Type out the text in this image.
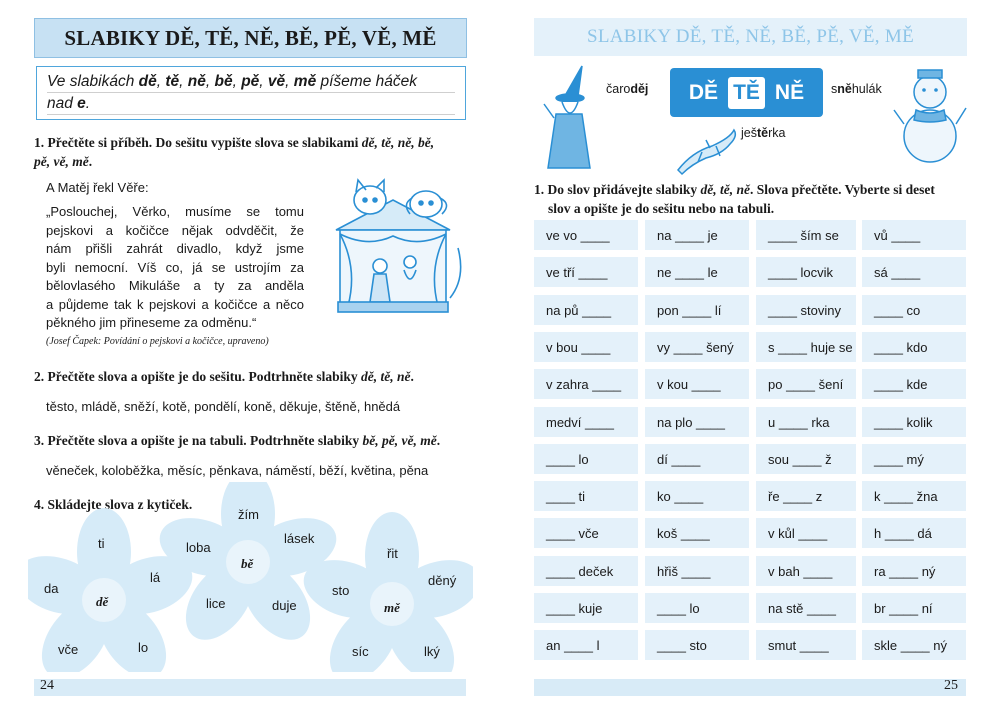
SLABIKY DĚ, TĚ, NĚ, BĚ, PĚ, VĚ, MĚ
Ve slabikách dě, tě, ně, bě, pě, vě, mě píšeme háček
nad e.
1. Přečtěte si příběh. Do sešitu vypište slova se slabikami dě, tě, ně, bě,
pě, vě, mě.
A Matěj řekl Věře:
„Poslouchej, Věrko, musíme se tomu
pejskovi a kočičce nějak odvděčit, že
nám přišli zahrát divadlo, když jsme
byli nemocní. Víš co, já se ustrojím za
bělovlasého Mikuláše a ty za anděla
a půjdeme tak k pejskovi a kočičce a něco
pěkného jim přineseme za odměnu.“
(Josef Čapek: Povídání o pejskovi a kočičce, upraveno)
2. Přečtěte slova a opište je do sešitu. Podtrhněte slabiky dě, tě, ně.
těsto, mládě, sněží, kotě, pondělí, koně, děkuje, štěně, hnědá
3. Přečtěte slova a opište je na tabuli. Podtrhněte slabiky bě, pě, vě, mě.
věneček, koloběžka, měsíc, pěnkava, náměstí, běží, květina, pěna
4. Skládejte slova z kytiček.
dě
ti
lá
lo
vče
da
bě
žím
lásek
duje
lice
loba
mě
řit
děný
lký
síc
sto
24
SLABIKY DĚ, TĚ, NĚ, BĚ, PĚ, VĚ, MĚ
čaroděj DĚ TĚ NĚ
ještěrka
sněhulák
1. Do slov přidávejte slabiky dě, tě, ně. Slova přečtěte. Vyberte si deset
slov a opište je do sešitu nebo na tabuli.
ve vo ____	na ____ je	____ ším se	vů ____
ve tří ____	ne ____ le	____ locvik	sá ____
na pů ____	pon ____ lí	____ stoviny	____ co
v bou ____	vy ____ šený	s ____ huje se	____ kdo
v zahra ____	v kou ____	po ____ šení	____ kde
medví ____	na plo ____	u ____ rka	____ kolik
____ lo	dí ____	sou ____ ž	____ mý
____ ti	ko ____	ře ____ z	k ____ žna
____ vče	koš ____	v kůl ____	h ____ dá
____ deček	hřiš ____	v bah ____	ra ____ ný
____ kuje	____ lo	na stě ____	br ____ ní
an ____ l	____ sto	smut ____	skle ____ ný
25
